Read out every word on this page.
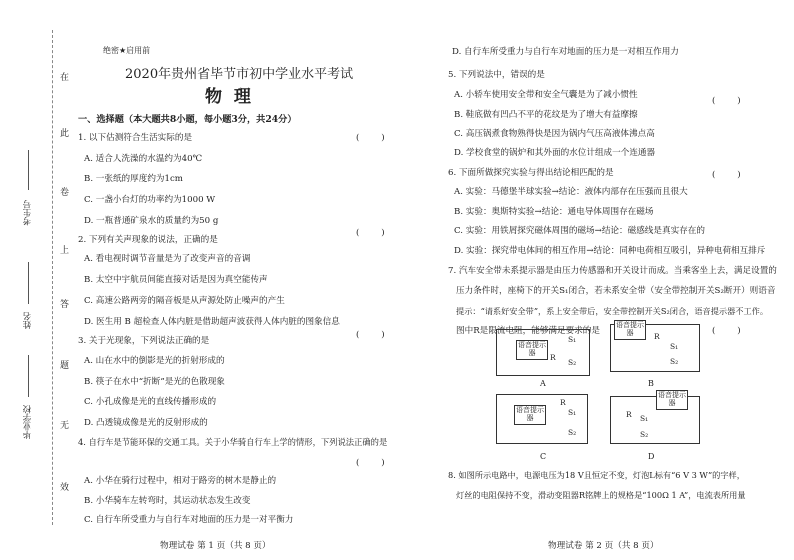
在
此
卷
上
答
题
无
效
考生号
姓名
毕业学校
绝密★启用前
2020年贵州省毕节市初中学业水平考试
物  理
一、选择题（本大题共8小题，每小题3分，共24分）
1. 以下估测符合生活实际的是	(        )
A. 适合人洗澡的水温约为40℃
B. 一张纸的厚度约为1cm
C. 一盏小台灯的功率约为1000 W
D. 一瓶普通矿泉水的质量约为50 g
2. 下列有关声现象的说法，正确的是
(        )
A. 看电视时调节音量是为了改变声音的音调
B. 太空中宇航员间能直接对话是因为真空能传声
C. 高速公路两旁的隔音板是从声源处防止噪声的产生
D. 医生用 B 超检查人体内脏是借助超声波获得人体内脏的图象信息
3. 关于光现象，下列说法正确的是
(        )
A. 山在水中的倒影是光的折射形成的
B. 筷子在水中“折断”是光的色散现象
C. 小孔成像是光的直线传播形成的
D. 凸透镜成像是光的反射形成的
4. 自行车是节能环保的交通工具。关于小华骑自行车上学的情形，下列说法正确的是
(        )
A. 小华在骑行过程中，相对于路旁的树木是静止的
B. 小华骑车左转弯时，其运动状态发生改变
C. 自行车所受重力与自行车对地面的压力是一对平衡力
物理试卷 第 1 页（共 8 页）
D. 自行车所受重力与自行车对地面的压力是一对相互作用力
5. 下列说法中，错误的是
(        )
A. 小轿车使用安全带和安全气囊是为了减小惯性
B. 鞋底做有凹凸不平的花纹是为了增大有益摩擦
C. 高压锅煮食物熟得快是因为锅内气压高液体沸点高
D. 学校食堂的锅炉和其外面的水位计组成一个连通器
6. 下面所做探究实验与得出结论相匹配的是	(        )
A. 实验：马德堡半球实验→结论：液体内部存在压强而且很大
B. 实验：奥斯特实验→结论：通电导体周围存在磁场
C. 实验：用铁屑探究磁体周围的磁场→结论：磁感线是真实存在的
D. 实验：探究带电体间的相互作用→结论：同种电荷相互吸引，异种电荷相互排斥
7. 汽车安全带未系提示器是由压力传感器和开关设计而成。当乘客坐上去，满足设置的
压力条件时，座椅下的开关S₁闭合，若未系安全带（安全带控制开关S₂断开）则语音
提示：“请系好安全带”，系上安全带后，安全带控制开关S₂闭合，语音提示器不工作。
图中R是限流电阻，能够满足要求的是	(        )
语音提示器
S₁
S₂
R
A
语音提示器
S₁
S₂
R
B
语音提示器
S₁
S₂
R
C
语音提示器
S₁
S₂
R
D
8. 如图所示电路中，电源电压为18 V且恒定不变，灯泡L标有“6 V 3 W”的字样，
灯丝的电阻保持不变，滑动变阻器R铭牌上的规格是“100Ω 1 A”，电流表所用量
物理试卷 第 2 页（共 8 页）
